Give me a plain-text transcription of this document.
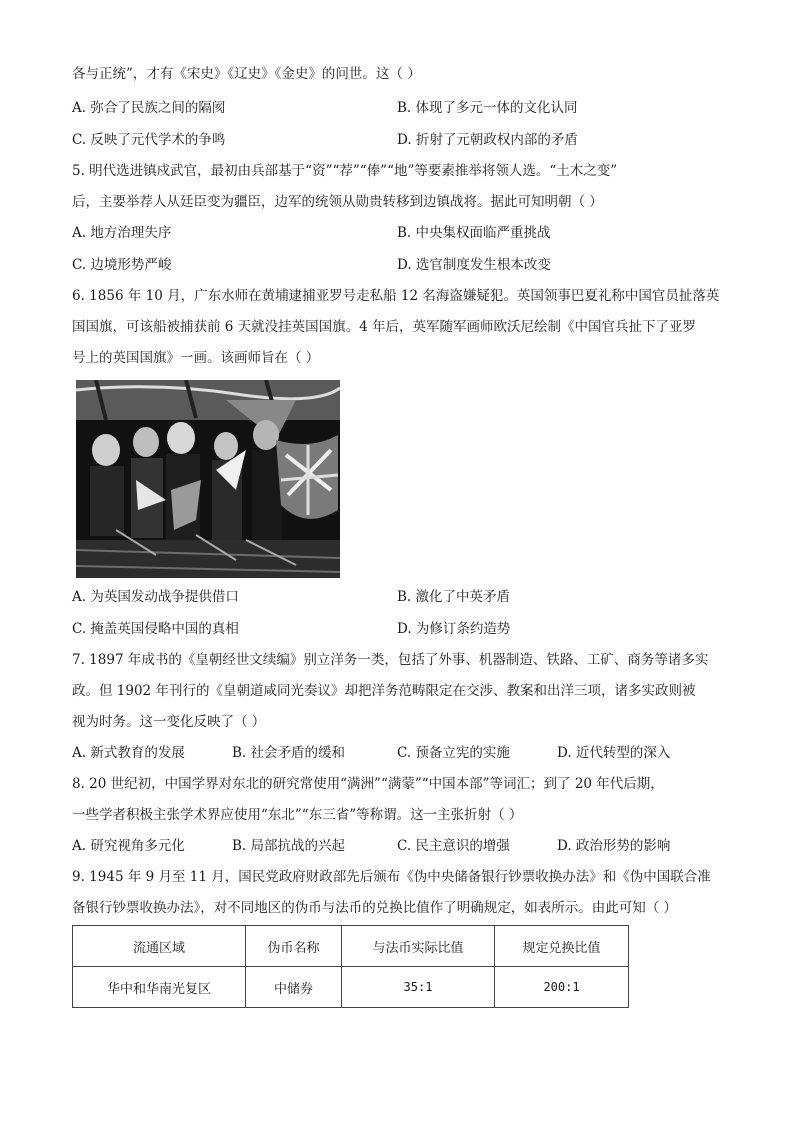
各与正统”，才有《宋史》《辽史》《金史》的问世。这（ ）
A. 弥合了民族之间的隔阂	B. 体现了多元一体的文化认同
C. 反映了元代学术的争鸣	D. 折射了元朝政权内部的矛盾
5. 明代选进镇戍武官，最初由兵部基于“资”“荐”“俸”“地”等要素推举将领人选。“土木之变”
后，主要举荐人从廷臣变为疆臣，边军的统领从勋贵转移到边镇战将。据此可知明朝（ ）
A. 地方治理失序	B. 中央集权面临严重挑战
C. 边境形势严峻	D. 选官制度发生根本改变
6. 1856 年 10 月，广东水师在黄埔逮捕亚罗号走私船 12 名海盗嫌疑犯。英国领事巴夏礼称中国官员扯落英
国国旗，可该船被捕获前 6 天就没挂英国国旗。4 年后，英军随军画师欧沃尼绘制《中国官兵扯下了亚罗
号上的英国国旗》一画。该画师旨在（ ）
A. 为英国发动战争提供借口	B. 激化了中英矛盾
C. 掩盖英国侵略中国的真相	D. 为修订条约造势
7. 1897 年成书的《皇朝经世文续编》别立洋务一类，包括了外事、机器制造、铁路、工矿、商务等诸多实
政。但 1902 年刊行的《皇朝道咸同光奏议》却把洋务范畴限定在交涉、教案和出洋三项，诸多实政则被
视为时务。这一变化反映了（ ）
A. 新式教育的发展	B. 社会矛盾的缓和	C. 预备立宪的实施	D. 近代转型的深入
8. 20 世纪初，中国学界对东北的研究常使用“满洲”“满蒙”“中国本部”等词汇；到了 20 年代后期，
一些学者积极主张学术界应使用“东北”“东三省”等称谓。这一主张折射（ ）
A. 研究视角多元化	B. 局部抗战的兴起	C. 民主意识的增强	D. 政治形势的影响
9. 1945 年 9 月至 11 月，国民党政府财政部先后颁布《伪中央储备银行钞票收换办法》和《伪中国联合准
备银行钞票收换办法》，对不同地区的伪币与法币的兑换比值作了明确规定，如表所示。由此可知（ ）
流通区域	伪币名称	与法币实际比值	规定兑换比值
华中和华南光复区	中储券	35:1	200:1
